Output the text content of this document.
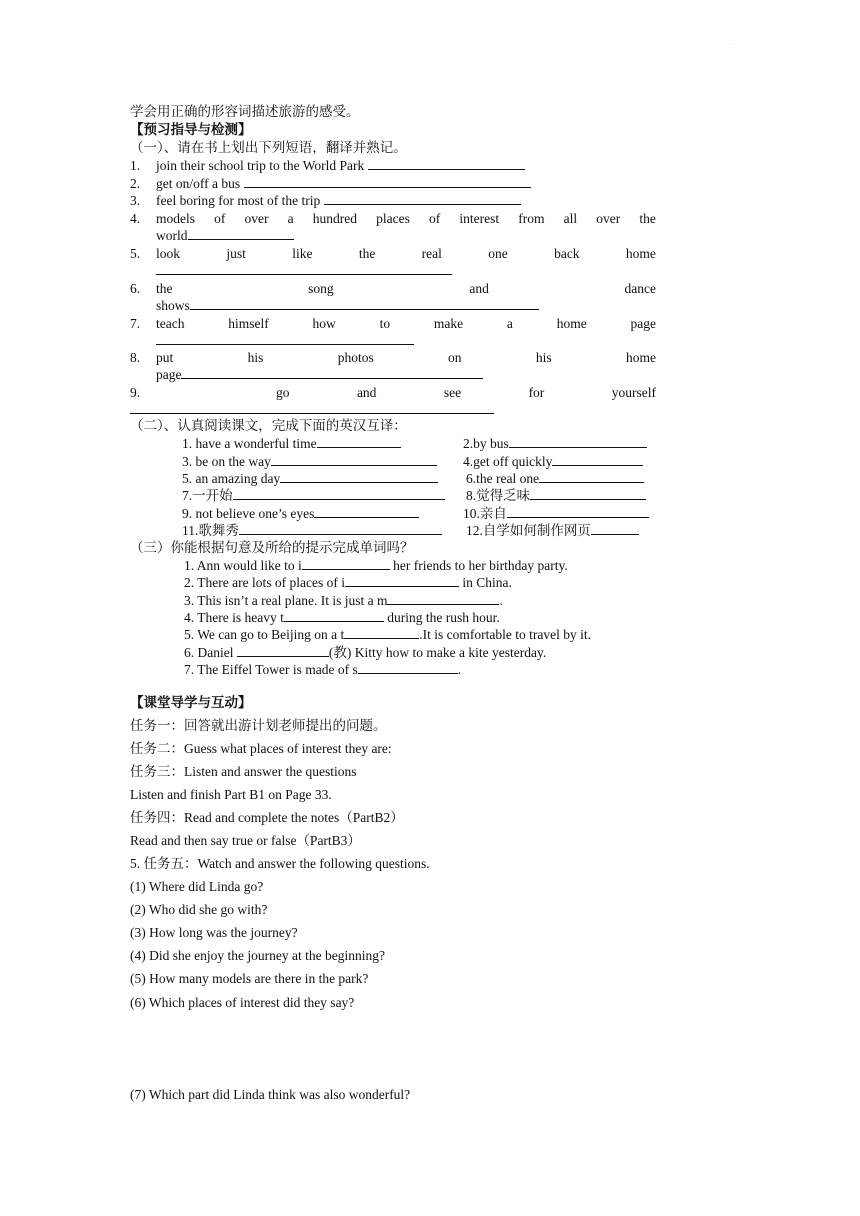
· ·
学会用正确的形容词描述旅游的感受。
【预习指导与检测】
（一）、请在书上划出下列短语，翻译并熟记。
1. join their school trip to the World Park
2. get on/off a bus
3. feel boring for most of the trip
4. models of over a hundred places of interest from all over the
world
5. look	just	like	the	real	one	back	home
6. the	song	and	dance
shows
7. teach	himself	how	to	make	a	home	page
8. put	his	photos	on	his	home
page
9.	go	and	see	for	yourself
（二）、认真阅读课文，完成下面的英汉互译：
1. have a wonderful time	2.by bus
3. be on the way	4.get off quickly
5. an amazing day	6.the real one
7.一开始	8.觉得乏味
9. not believe one’s eyes	10.亲自
11.歌舞秀	12.自学如何制作网页
（三）你能根据句意及所给的提示完成单词吗？
1. Ann would like to i	her friends to her birthday party.
2. There are lots of places of i	in China.
3. This isn’t a real plane. It is just a m	.
4. There is heavy t	during the rush hour.
5. We can go to Beijing on a t	.It is comfortable to travel by it.
6. Daniel	(教) Kitty how to make a kite yesterday.
7. The Eiffel Tower is made of s	.
【课堂导学与互动】
任务一：回答就出游计划老师提出的问题。
任务二：Guess what places of interest they are:
任务三：Listen and answer the questions
Listen and finish Part B1 on Page 33.
任务四：Read and complete the notes（PartB2）
Read and then say true or false（PartB3）
5. 任务五：Watch and answer the following questions.
(1) Where did Linda go?
(2) Who did she go with?
(3) How long was the journey?
(4) Did she enjoy the journey at the beginning?
(5) How many models are there in the park?
(6) Which places of interest did they say?
(7) Which part did Linda think was also wonderful?
